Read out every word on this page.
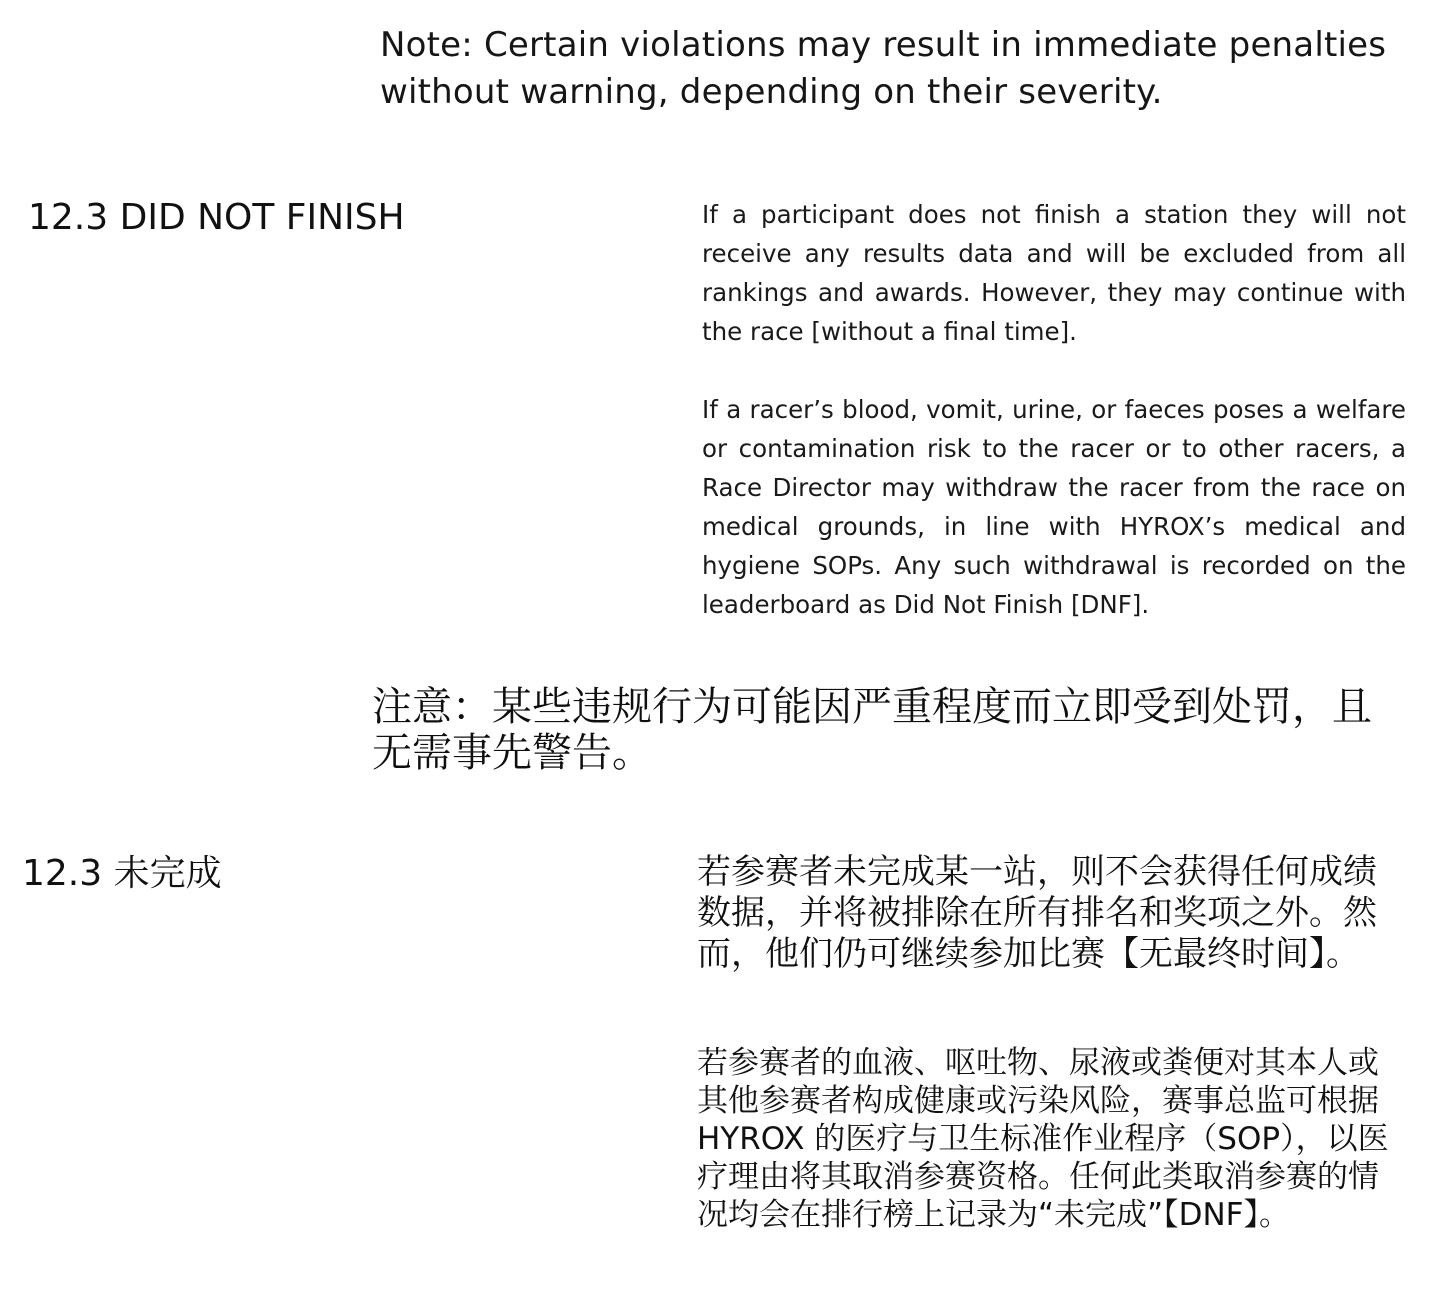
Note: Certain violations may result in immediate penalties without warning, depending on their severity.

12.3 DID NOT FINISH	If a participant does not finish a station they will not receive any results data and will be excluded from all rankings and awards. However, they may continue with the race [without a final time].

If a racer’s blood, vomit, urine, or faeces poses a welfare or contamination risk to the racer or to other racers, a Race Director may withdraw the racer from the race on medical grounds, in line with HYROX’s medical and hygiene SOPs. Any such withdrawal is recorded on the leaderboard as Did Not Finish [DNF].

注意：某些违规行为可能因严重程度而立即受到处罚，且无需事先警告。

12.3 未完成	若参赛者未完成某一站，则不会获得任何成绩数据，并将被排除在所有排名和奖项之外。然而，他们仍可继续参加比赛【无最终时间】。

若参赛者的血液、呕吐物、尿液或粪便对其本人或其他参赛者构成健康或污染风险，赛事总监可根据 HYROX 的医疗与卫生标准作业程序（SOP），以医疗理由将其取消参赛资格。任何此类取消参赛的情况均会在排行榜上记录为“未完成”【DNF】。
